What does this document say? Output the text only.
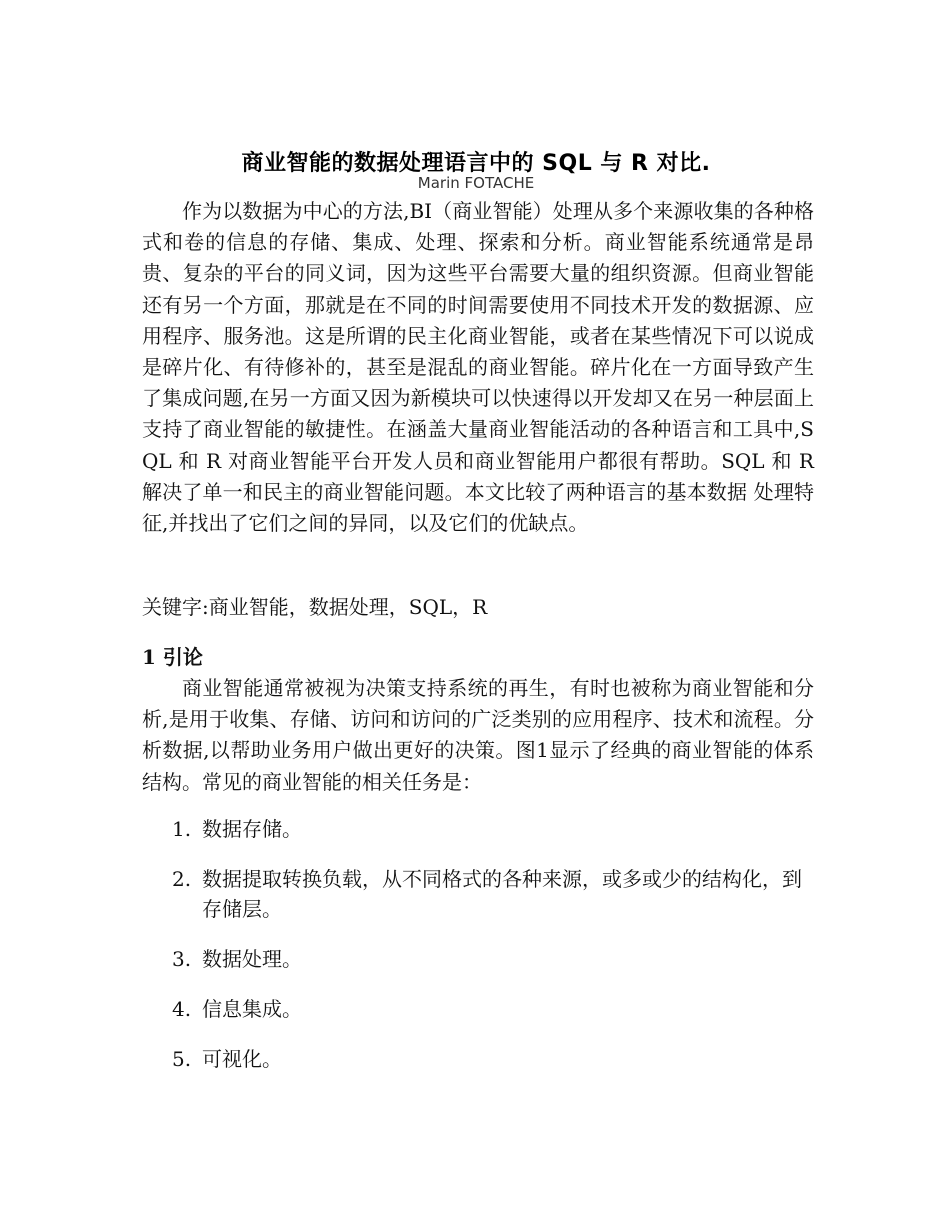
商业智能的数据处理语言中的 SQL 与 R 对比.
Marin FOTACHE

作为以数据为中心的方法,BI（商业智能）处理从多个来源收集的各种格式和卷的信息的存储、集成、处理、探索和分析。商业智能系统通常是昂贵、复杂的平台的同义词，因为这些平台需要大量的组织资源。但商业智能还有另一个方面，那就是在不同的时间需要使用不同技术开发的数据源、应用程序、服务池。这是所谓的民主化商业智能，或者在某些情况下可以说成是碎片化、有待修补的，甚至是混乱的商业智能。碎片化在一方面导致产生了集成问题,在另一方面又因为新模块可以快速得以开发却又在另一种层面上支持了商业智能的敏捷性。在涵盖大量商业智能活动的各种语言和工具中,SQL 和 R 对商业智能平台开发人员和商业智能用户都很有帮助。SQL 和 R 解决了单一和民主的商业智能问题。本文比较了两种语言的基本数据 处理特征,并找出了它们之间的异同，以及它们的优缺点。

关键字:商业智能，数据处理，SQL，R

1 引论

商业智能通常被视为决策支持系统的再生，有时也被称为商业智能和分析,是用于收集、存储、访问和访问的广泛类别的应用程序、技术和流程。分析数据,以帮助业务用户做出更好的决策。图1显示了经典的商业智能的体系结构。常见的商业智能的相关任务是：

1. 数据存储。
2. 数据提取转换负载，从不同格式的各种来源，或多或少的结构化，到存储层。
3. 数据处理。
4. 信息集成。
5. 可视化。
